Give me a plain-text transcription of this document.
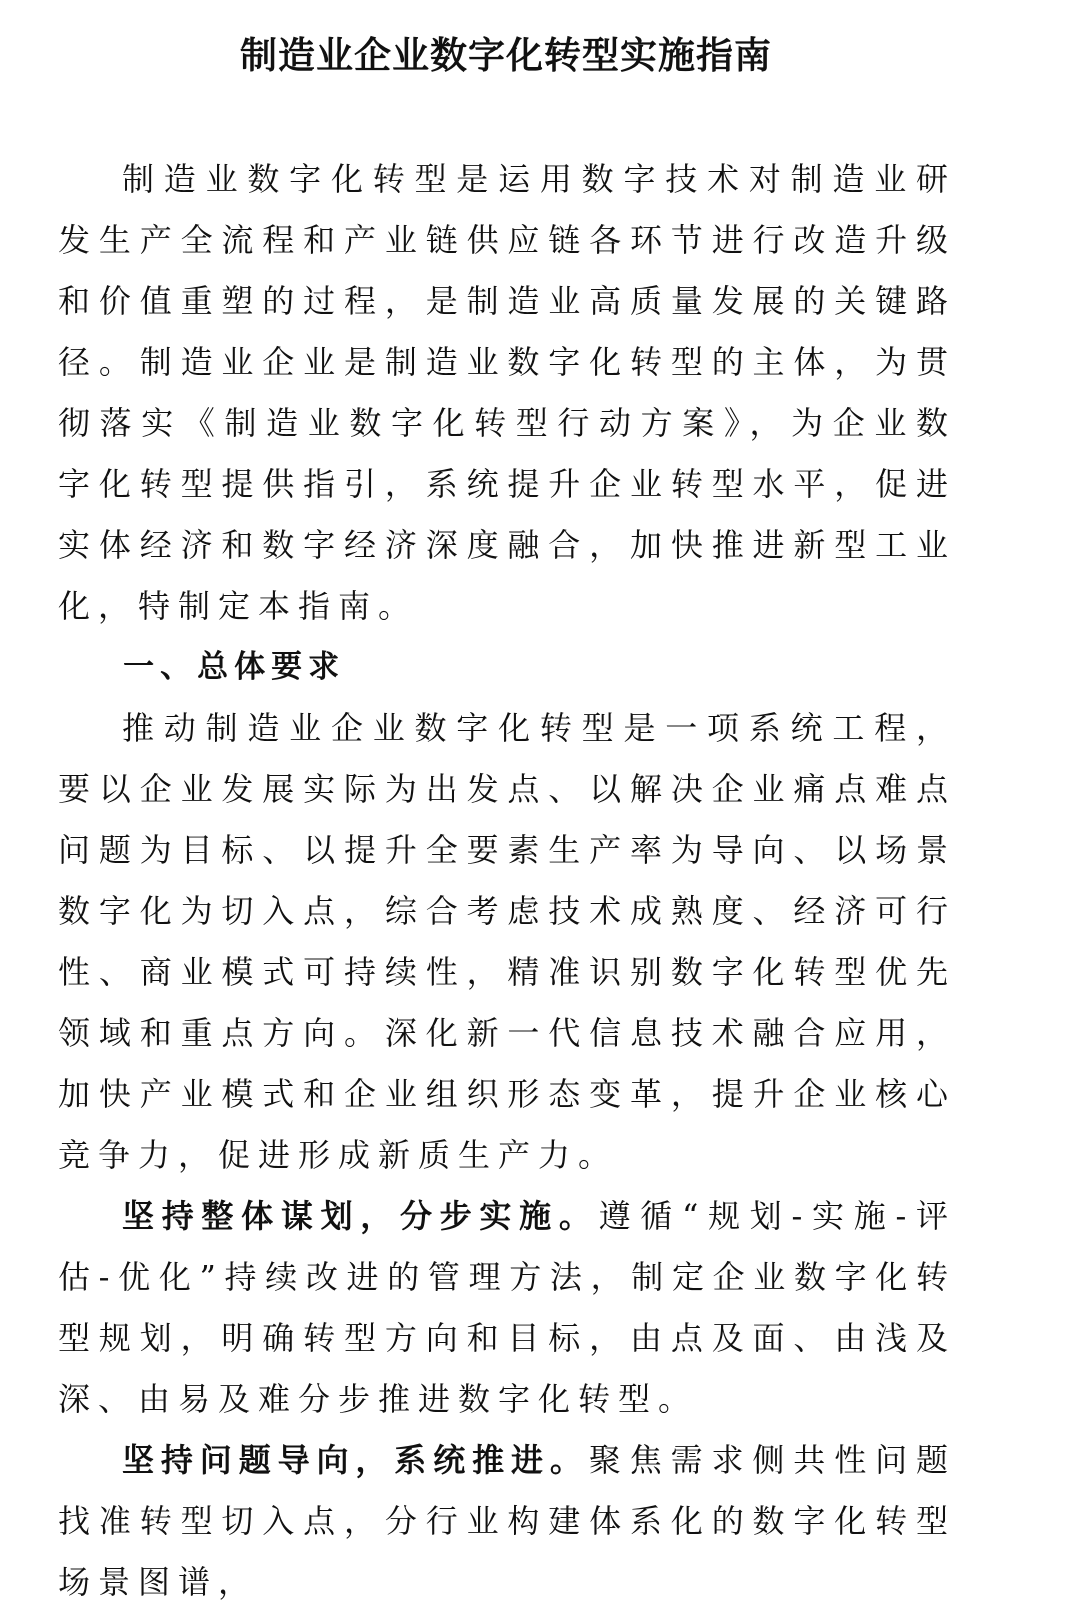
制造业企业数字化转型实施指南

制造业数字化转型是运用数字技术对制造业研发生产全流程和产业链供应链各环节进行改造升级和价值重塑的过程，是制造业高质量发展的关键路径。制造业企业是制造业数字化转型的主体，为贯彻落实《制造业数字化转型行动方案》，为企业数字化转型提供指引，系统提升企业转型水平，促进实体经济和数字经济深度融合，加快推进新型工业化，特制定本指南。

一、总体要求

推动制造业企业数字化转型是一项系统工程，要以企业发展实际为出发点、以解决企业痛点难点问题为目标、以提升全要素生产率为导向、以场景数字化为切入点，综合考虑技术成熟度、经济可行性、商业模式可持续性，精准识别数字化转型优先领域和重点方向。深化新一代信息技术融合应用，加快产业模式和企业组织形态变革，提升企业核心竞争力，促进形成新质生产力。

坚持整体谋划，分步实施。遵循“规划-实施-评估-优化”持续改进的管理方法，制定企业数字化转型规划，明确转型方向和目标，由点及面、由浅及深、由易及难分步推进数字化转型。

坚持问题导向，系统推进。聚焦需求侧共性问题找准转型切入点，分行业构建体系化的数字化转型场景图谱，
